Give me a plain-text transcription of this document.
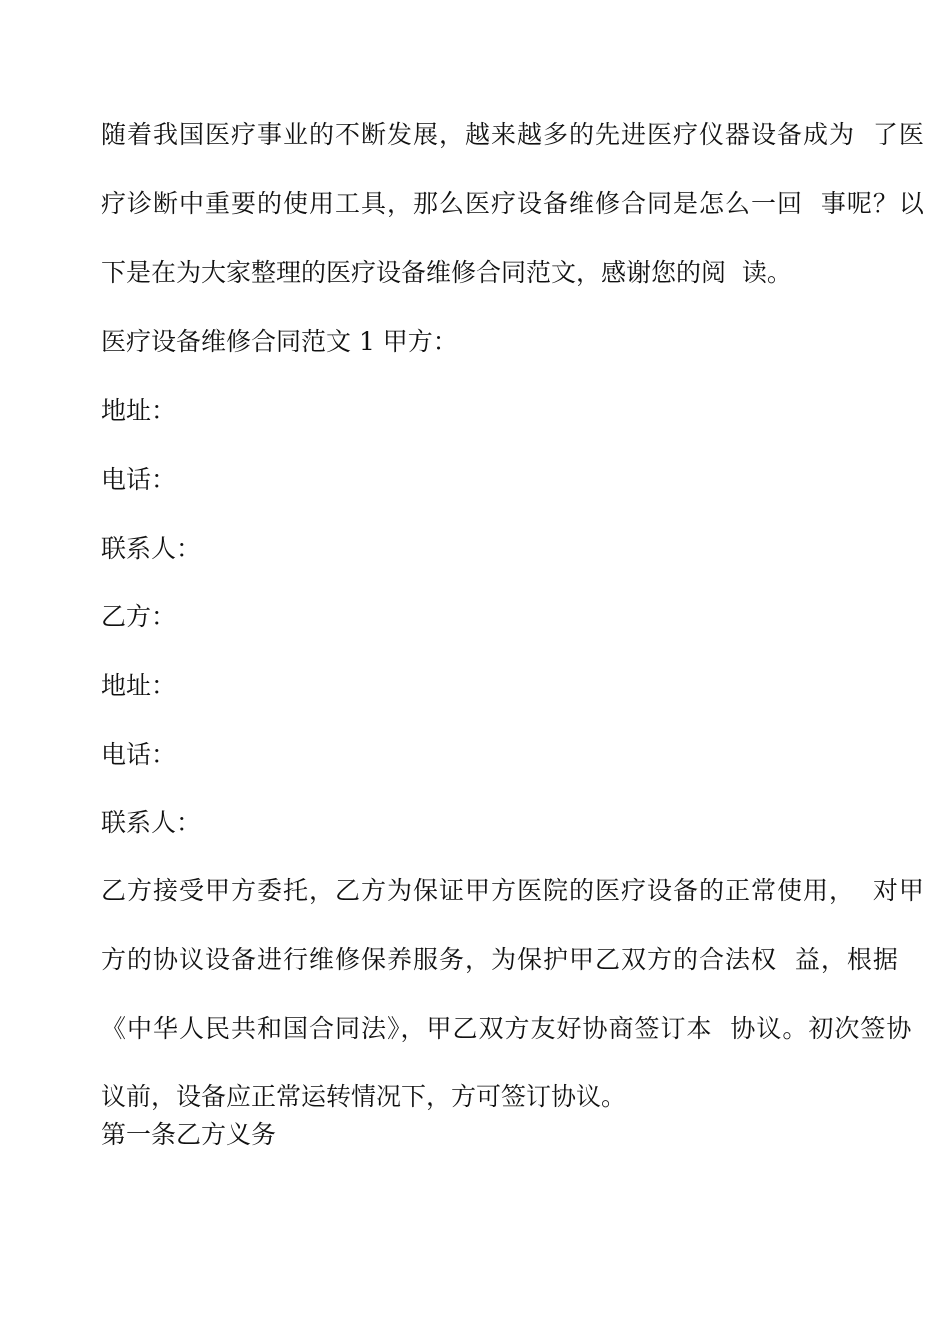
随着我国医疗事业的不断发展，越来越多的先进医疗仪器设备成为  了医
疗诊断中重要的使用工具，那么医疗设备维修合同是怎么一回  事呢？以
下是在为大家整理的医疗设备维修合同范文，感谢您的阅  读。
医疗设备维修合同范文 1 甲方：
地址：
电话：
联系人：
乙方：
地址：
电话：
联系人：
乙方接受甲方委托，乙方为保证甲方医院的医疗设备的正常使用，  对甲
方的协议设备进行维修保养服务，为保护甲乙双方的合法权  益，根据
《中华人民共和国合同法》，甲乙双方友好协商签订本  协议。初次签协
议前，设备应正常运转情况下，方可签订协议。
第一条乙方义务
